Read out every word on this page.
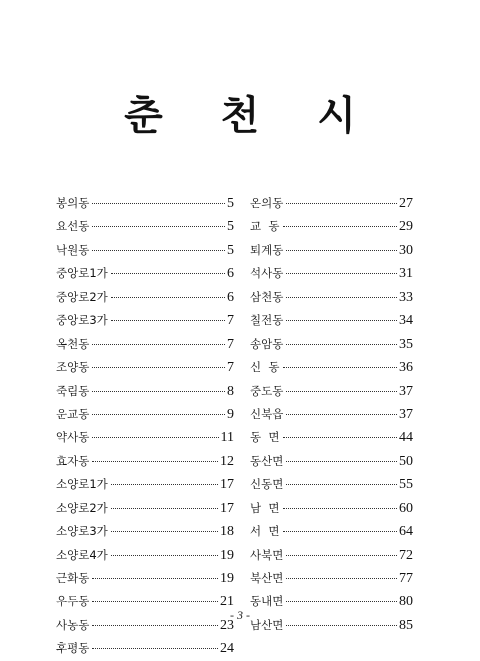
춘 천 시
봉의동	5
요선동	5
낙원동	5
중앙로1가	6
중앙로2가	6
중앙로3가	7
옥천동	7
조양동	7
죽림동	8
운교동	9
약사동	11
효자동	12
소양로1가	17
소양로2가	17
소양로3가	18
소양로4가	19
근화동	19
우두동	21
사농동	23
후평동	24
온의동	27
교  동	29
퇴계동	30
석사동	31
삼천동	33
칠전동	34
송암동	35
신  동	36
중도동	37
신북읍	37
동  면	44
동산면	50
신동면	55
남  면	60
서  면	64
사북면	72
북산면	77
동내면	80
남산면	85
- 3 -
